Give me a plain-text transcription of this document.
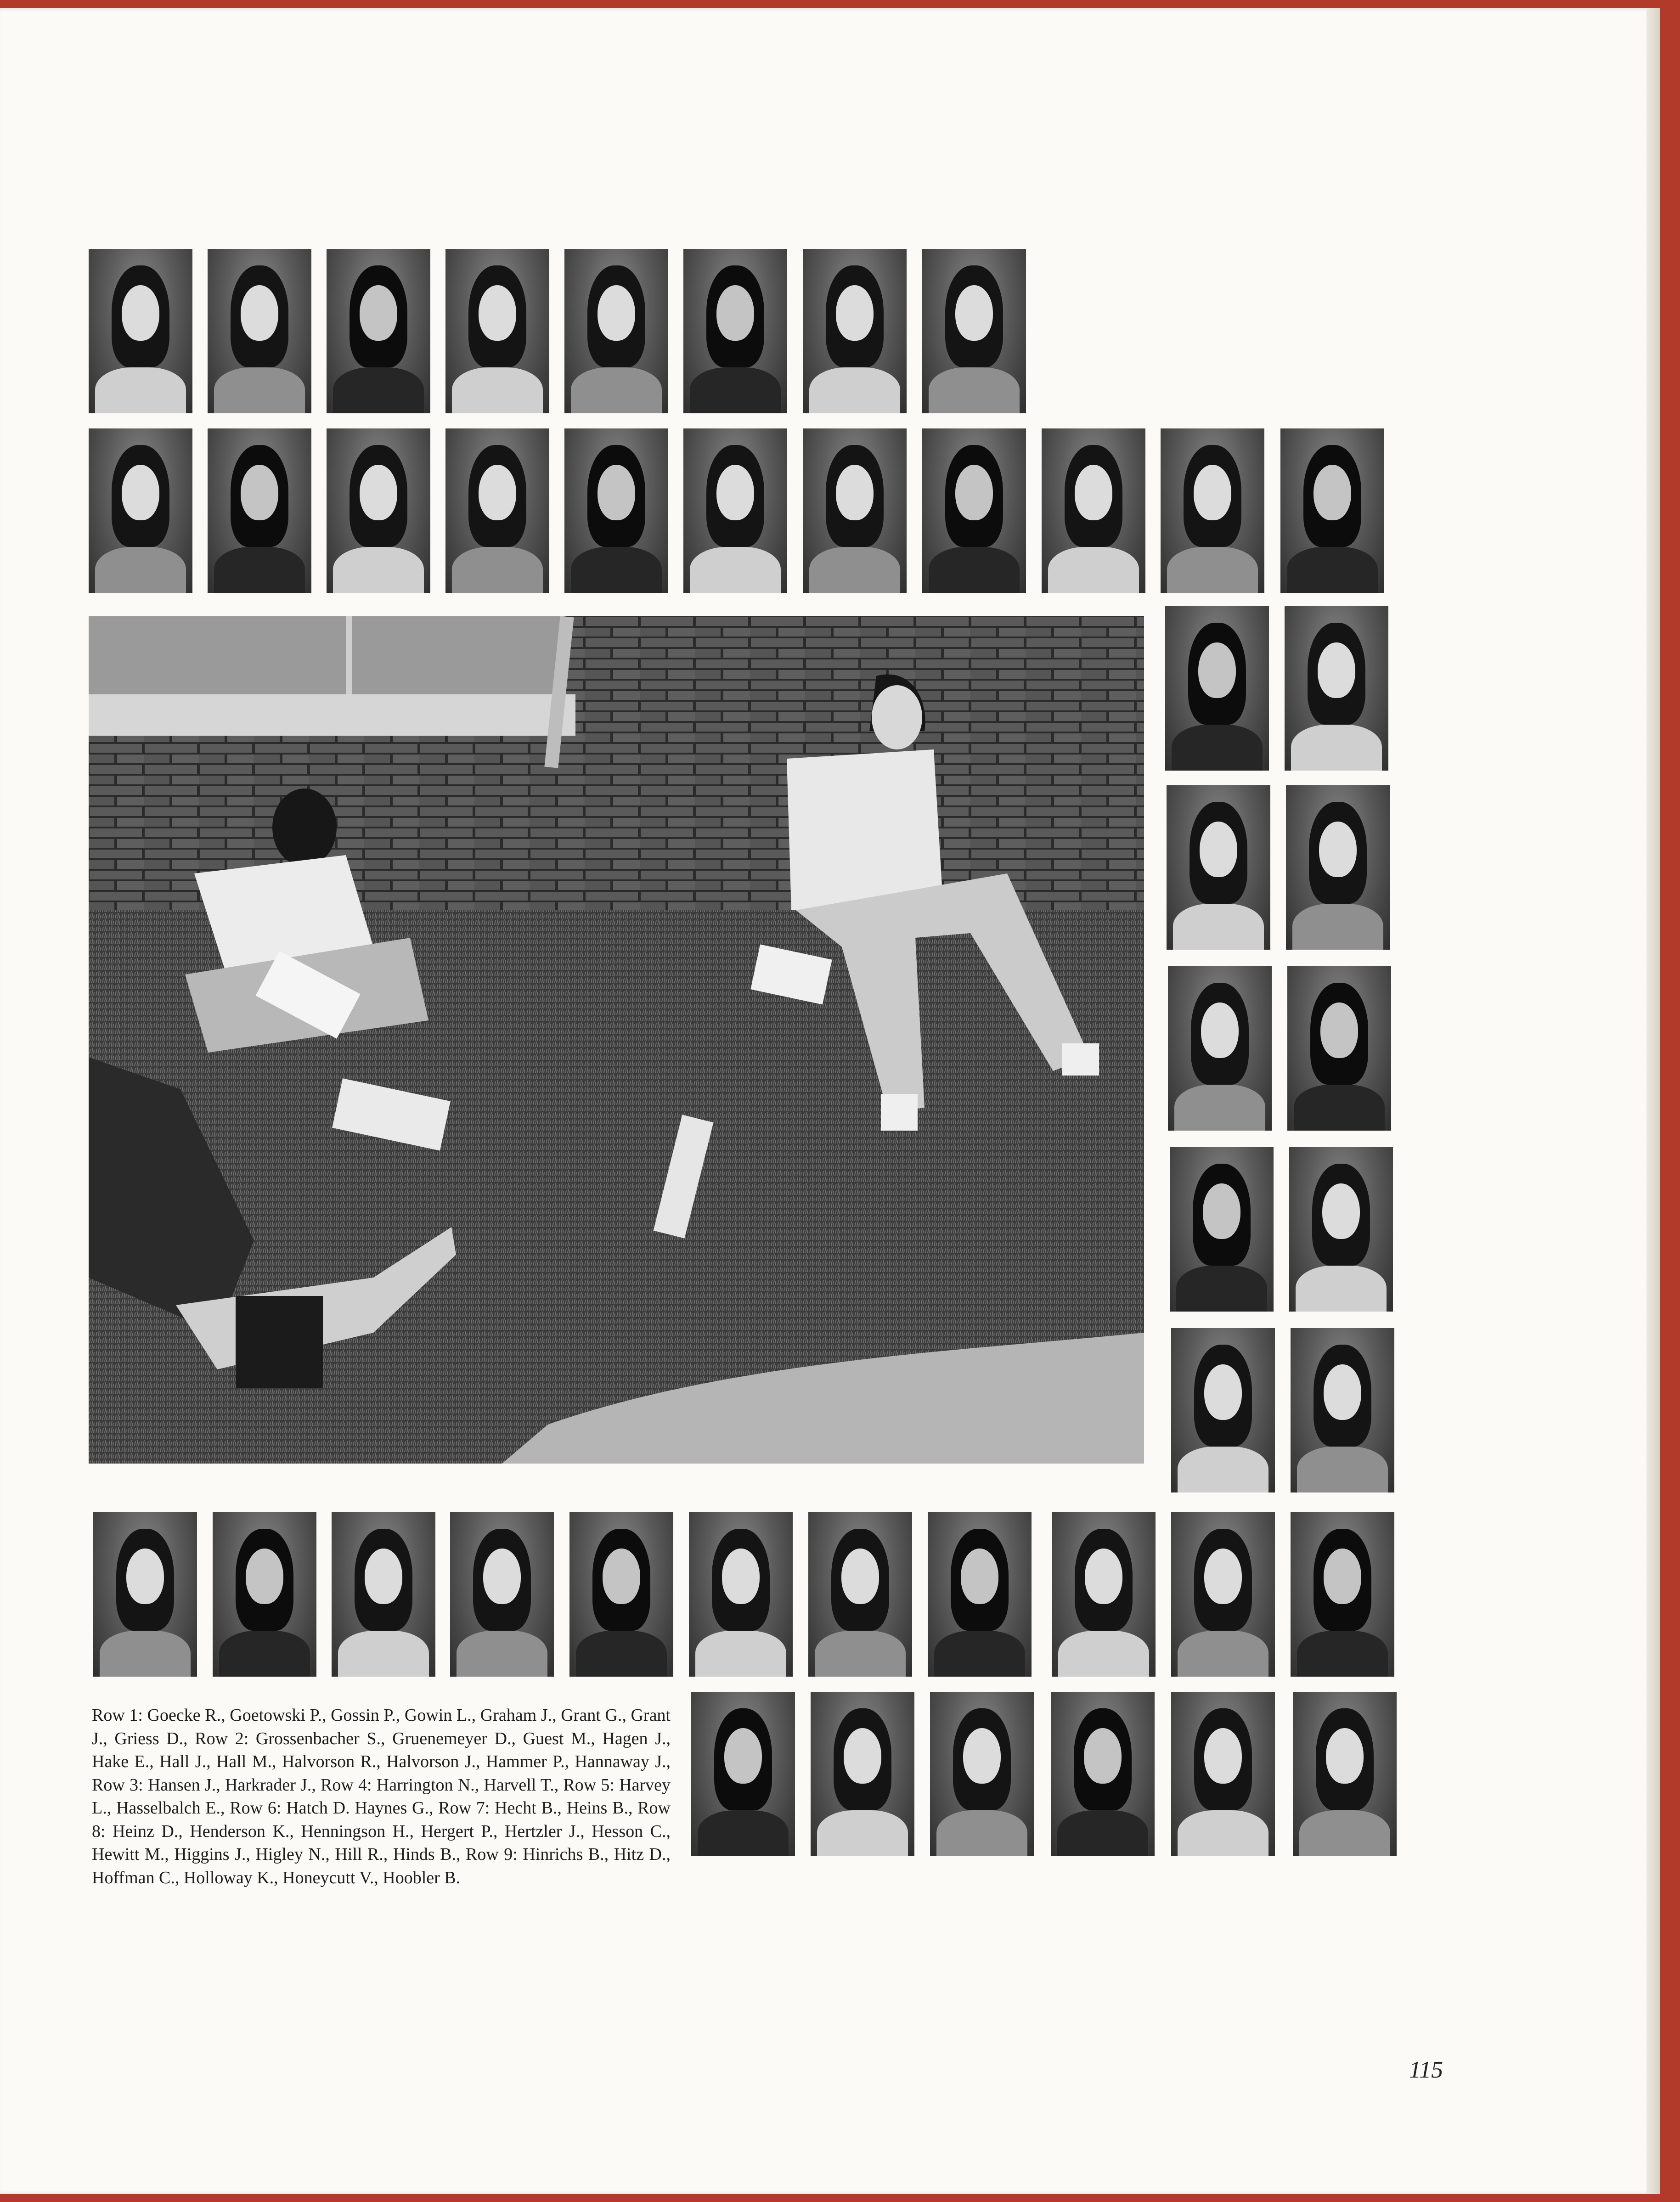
Row 1: Goecke R., Goetowski P., Gossin P., Gowin L., Graham J., Grant G., Grant J., Griess D., Row 2: Grossenbacher S., Gruenemeyer D., Guest M., Hagen J., Hake E., Hall J., Hall M., Halvorson R., Halvorson J., Hammer P., Hannaway J., Row 3: Hansen J., Harkrader J., Row 4: Harrington N., Harvell T., Row 5: Harvey L., Hasselbalch E., Row 6: Hatch D. Haynes G., Row 7: Hecht B., Heins B., Row 8: Heinz D., Henderson K., Henningson H., Hergert P., Hertzler J., Hesson C., Hewitt M., Higgins J., Higley N., Hill R., Hinds B., Row 9: Hinrichs B., Hitz D., Hoffman C., Holloway K., Honeycutt V., Hoobler B.
115
